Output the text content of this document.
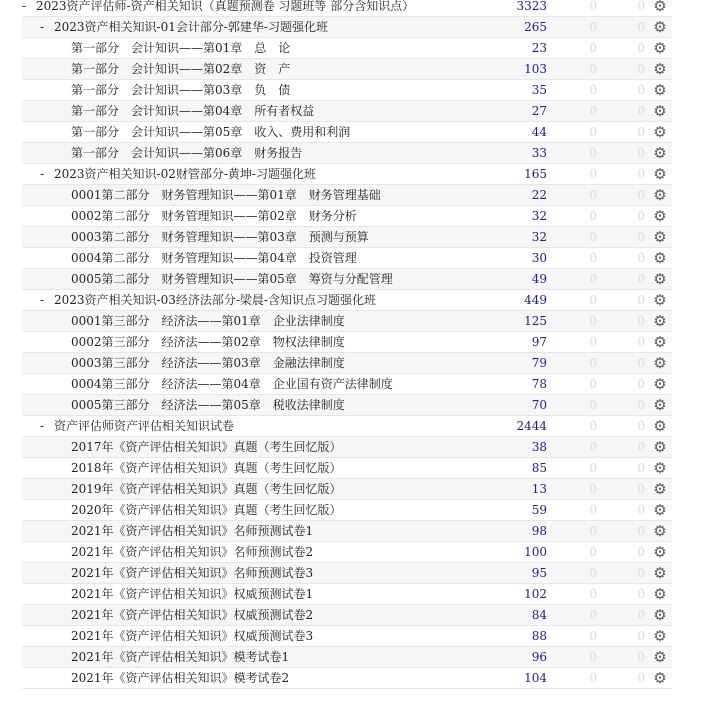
- 2023资产评估师-资产相关知识（真题预测卷 习题班等 部分含知识点）	3323	0	0 ⚙
- 2023资产相关知识-01会计部分-郭建华-习题强化班	265	0	0 ⚙
第一部分　会计知识——第01章　总　论	23	0	0 ⚙
第一部分　会计知识——第02章　资　产	103	0	0 ⚙
第一部分　会计知识——第03章　负　债	35	0	0 ⚙
第一部分　会计知识——第04章　所有者权益	27	0	0 ⚙
第一部分　会计知识——第05章　收入、费用和利润	44	0	0 ⚙
第一部分　会计知识——第06章　财务报告	33	0	0 ⚙
- 2023资产相关知识-02财管部分-黄坤-习题强化班	165	0	0 ⚙
0001第二部分　财务管理知识——第01章　财务管理基础	22	0	0 ⚙
0002第二部分　财务管理知识——第02章　财务分析	32	0	0 ⚙
0003第二部分　财务管理知识——第03章　预测与预算	32	0	0 ⚙
0004第二部分　财务管理知识——第04章　投资管理	30	0	0 ⚙
0005第二部分　财务管理知识——第05章　筹资与分配管理	49	0	0 ⚙
- 2023资产相关知识-03经济法部分-梁晨-含知识点习题强化班	449	0	0 ⚙
0001第三部分　经济法——第01章　企业法律制度	125	0	0 ⚙
0002第三部分　经济法——第02章　物权法律制度	97	0	0 ⚙
0003第三部分　经济法——第03章　金融法律制度	79	0	0 ⚙
0004第三部分　经济法——第04章　企业国有资产法律制度	78	0	0 ⚙
0005第三部分　经济法——第05章　税收法律制度	70	0	0 ⚙
- 资产评估师资产评估相关知识试卷	2444	0	0 ⚙
2017年《资产评估相关知识》真题（考生回忆版）	38	0	0 ⚙
2018年《资产评估相关知识》真题（考生回忆版）	85	0	0 ⚙
2019年《资产评估相关知识》真题（考生回忆版）	13	0	0 ⚙
2020年《资产评估相关知识》真题（考生回忆版）	59	0	0 ⚙
2021年《资产评估相关知识》名师预测试卷1	98	0	0 ⚙
2021年《资产评估相关知识》名师预测试卷2	100	0	0 ⚙
2021年《资产评估相关知识》名师预测试卷3	95	0	0 ⚙
2021年《资产评估相关知识》权威预测试卷1	102	0	0 ⚙
2021年《资产评估相关知识》权威预测试卷2	84	0	0 ⚙
2021年《资产评估相关知识》权威预测试卷3	88	0	0 ⚙
2021年《资产评估相关知识》模考试卷1	96	0	0 ⚙
2021年《资产评估相关知识》模考试卷2	104	0	0 ⚙
